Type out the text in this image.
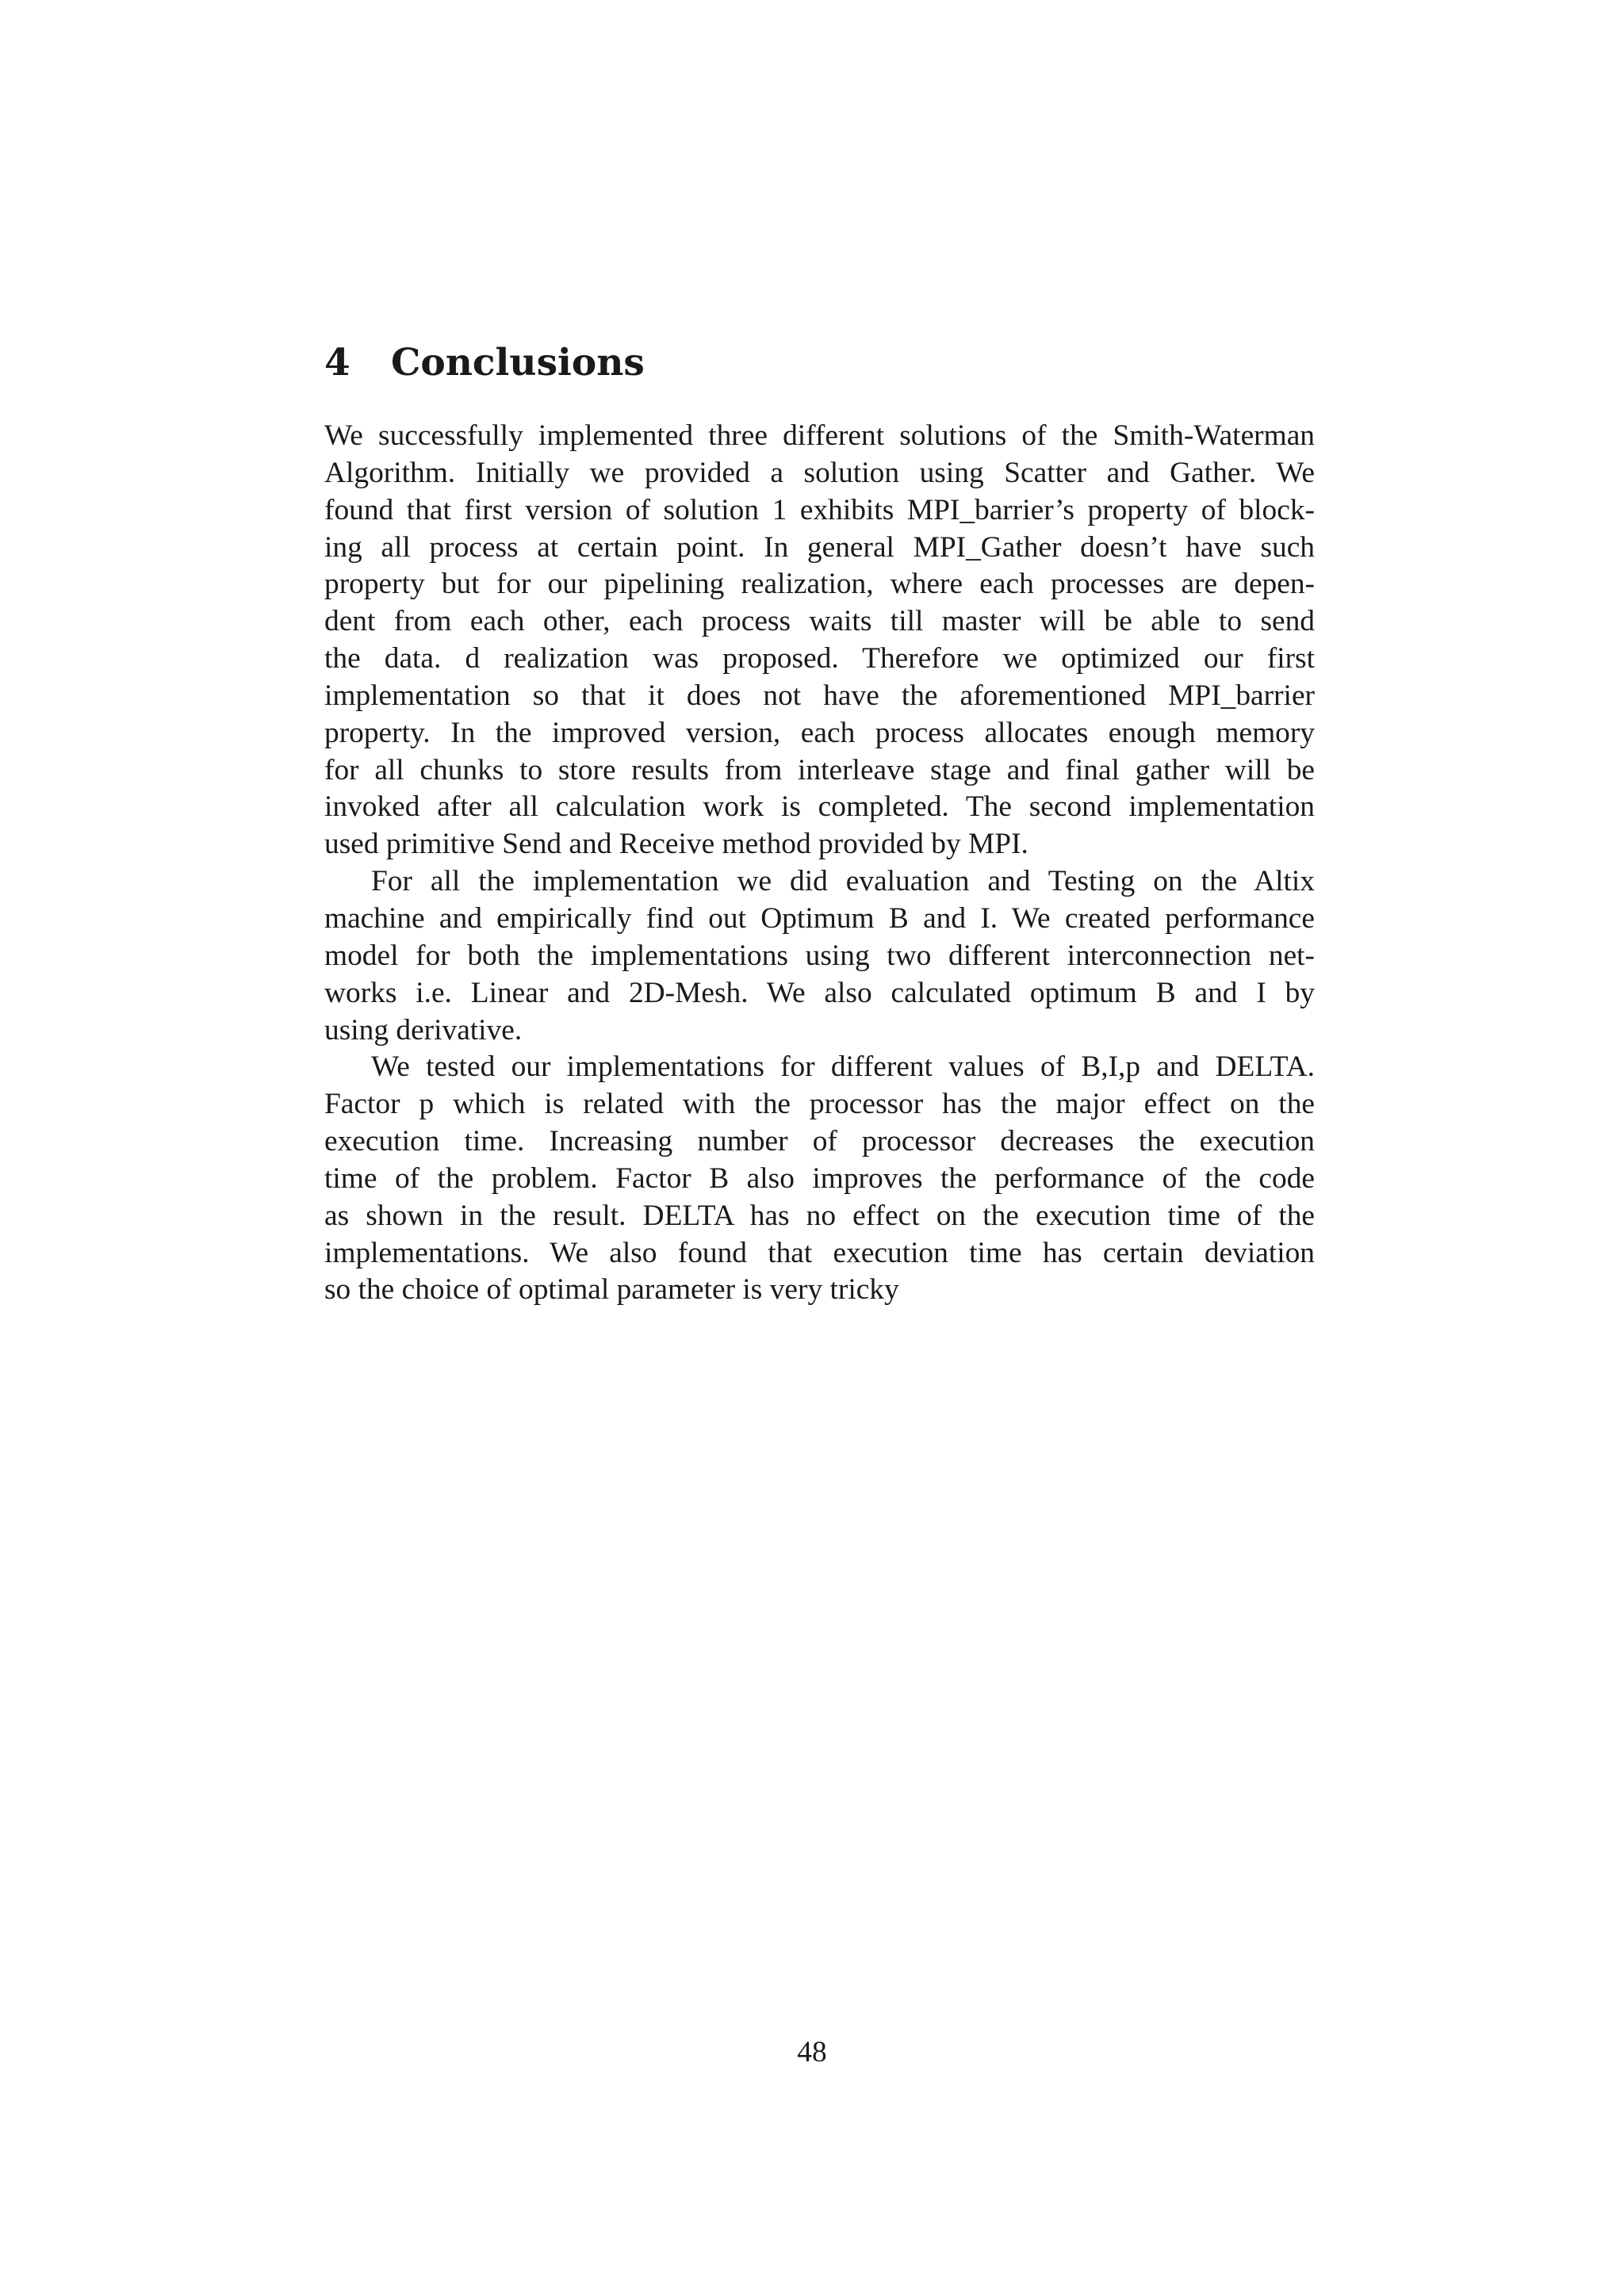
4 Conclusions
We successfully implemented three different solutions of the Smith-Waterman
Algorithm. Initially we provided a solution using Scatter and Gather. We
found that first version of solution 1 exhibits MPI_barrier’s property of block-
ing all process at certain point. In general MPI_Gather doesn’t have such
property but for our pipelining realization, where each processes are depen-
dent from each other, each process waits till master will be able to send
the data. d realization was proposed. Therefore we optimized our first
implementation so that it does not have the aforementioned MPI_barrier
property. In the improved version, each process allocates enough memory
for all chunks to store results from interleave stage and final gather will be
invoked after all calculation work is completed. The second implementation
used primitive Send and Receive method provided by MPI.
For all the implementation we did evaluation and Testing on the Altix
machine and empirically find out Optimum B and I. We created performance
model for both the implementations using two different interconnection net-
works i.e. Linear and 2D-Mesh. We also calculated optimum B and I by
using derivative.
We tested our implementations for different values of B,I,p and DELTA.
Factor p which is related with the processor has the major effect on the
execution time. Increasing number of processor decreases the execution
time of the problem. Factor B also improves the performance of the code
as shown in the result. DELTA has no effect on the execution time of the
implementations. We also found that execution time has certain deviation
so the choice of optimal parameter is very tricky
48
